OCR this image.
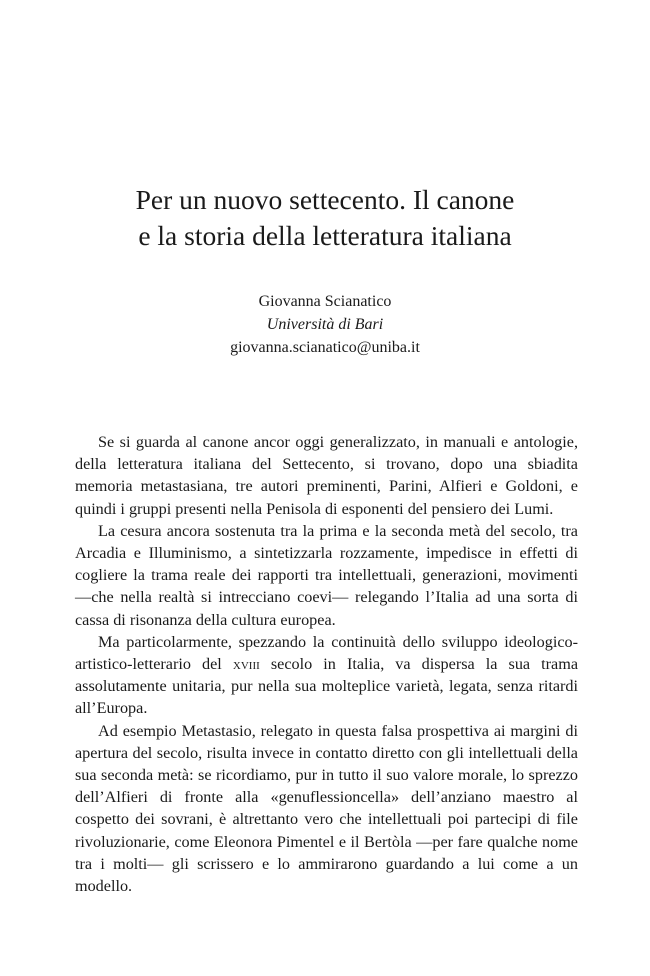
Per un nuovo settecento. Il canone
e la storia della letteratura italiana
Giovanna Scianatico
Università di Bari
giovanna.scianatico@uniba.it

Se si guarda al canone ancor oggi generalizzato, in manuali e antologie, della letteratura italiana del Settecento, si trovano, dopo una sbiadita memoria metastasiana, tre autori preminenti, Parini, Alfieri e Goldoni, e quindi i gruppi presenti nella Penisola di esponenti del pensiero dei Lumi.

La cesura ancora sostenuta tra la prima e la seconda metà del secolo, tra Arcadia e Illuminismo, a sintetizzarla rozzamente, impedisce in effetti di cogliere la trama reale dei rapporti tra intellettuali, generazioni, movimenti —che nella realtà si intrecciano coevi— relegando l’Italia ad una sorta di cassa di risonanza della cultura europea.

Ma particolarmente, spezzando la continuità dello sviluppo ideologico-artistico-letterario del xviii secolo in Italia, va dispersa la sua trama assolutamente unitaria, pur nella sua molteplice varietà, legata, senza ritardi all’Europa.

Ad esempio Metastasio, relegato in questa falsa prospettiva ai margini di apertura del secolo, risulta invece in contatto diretto con gli intellettuali della sua seconda metà: se ricordiamo, pur in tutto il suo valore morale, lo sprezzo dell’Alfieri di fronte alla «genuflessioncella» dell’anziano maestro al cospetto dei sovrani, è altrettanto vero che intellettuali poi partecipi di file rivoluzionarie, come Eleonora Pimentel e il Bertòla —per fare qualche nome tra i molti— gli scrissero e lo ammirarono guardando a lui come a un modello.
